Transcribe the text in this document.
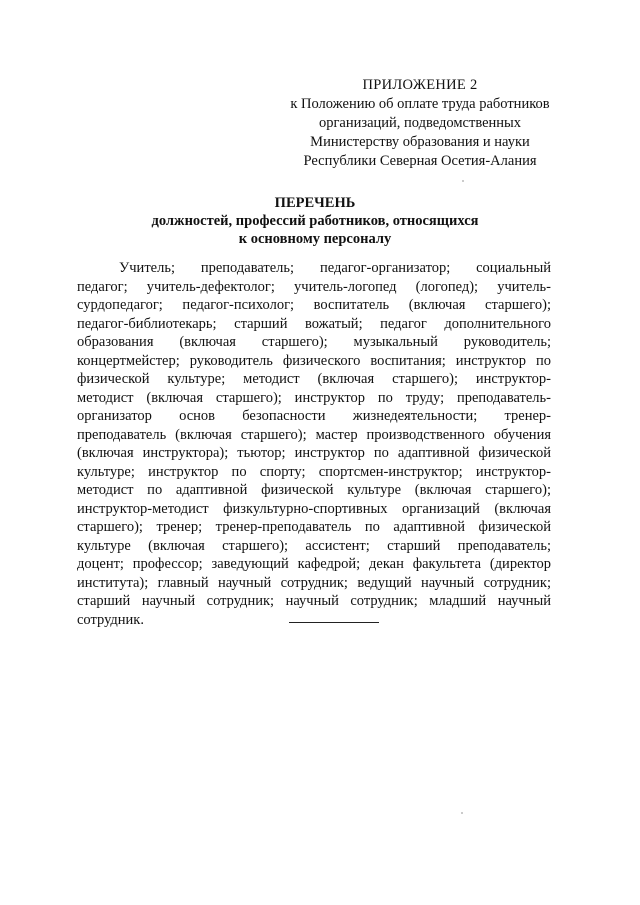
ПРИЛОЖЕНИЕ 2
к Положению об оплате труда работников
организаций, подведомственных
Министерству образования и науки
Республики Северная Осетия-Алания
ПЕРЕЧЕНЬ
должностей, профессий работников, относящихся
к основному персоналу
Учитель; преподаватель; педагог-организатор; социальный
педагог; учитель-дефектолог; учитель-логопед (логопед); учитель-
сурдопедагог; педагог-психолог; воспитатель (включая старшего);
педагог-библиотекарь; старший вожатый; педагог дополнительного
образования (включая старшего); музыкальный руководитель;
концертмейстер; руководитель физического воспитания; инструктор по
физической культуре; методист (включая старшего); инструктор-
методист (включая старшего); инструктор по труду; преподаватель-
организатор основ безопасности жизнедеятельности; тренер-
преподаватель (включая старшего); мастер производственного обучения
(включая инструктора); тьютор; инструктор по адаптивной физической
культуре; инструктор по спорту; спортсмен-инструктор; инструктор-
методист по адаптивной физической культуре (включая старшего);
инструктор-методист физкультурно-спортивных организаций (включая
старшего); тренер; тренер-преподаватель по адаптивной физической
культуре (включая старшего); ассистент; старший преподаватель;
доцент; профессор; заведующий кафедрой; декан факультета (директор
института); главный научный сотрудник; ведущий научный сотрудник;
старший научный сотрудник; научный сотрудник; младший научный
сотрудник.
